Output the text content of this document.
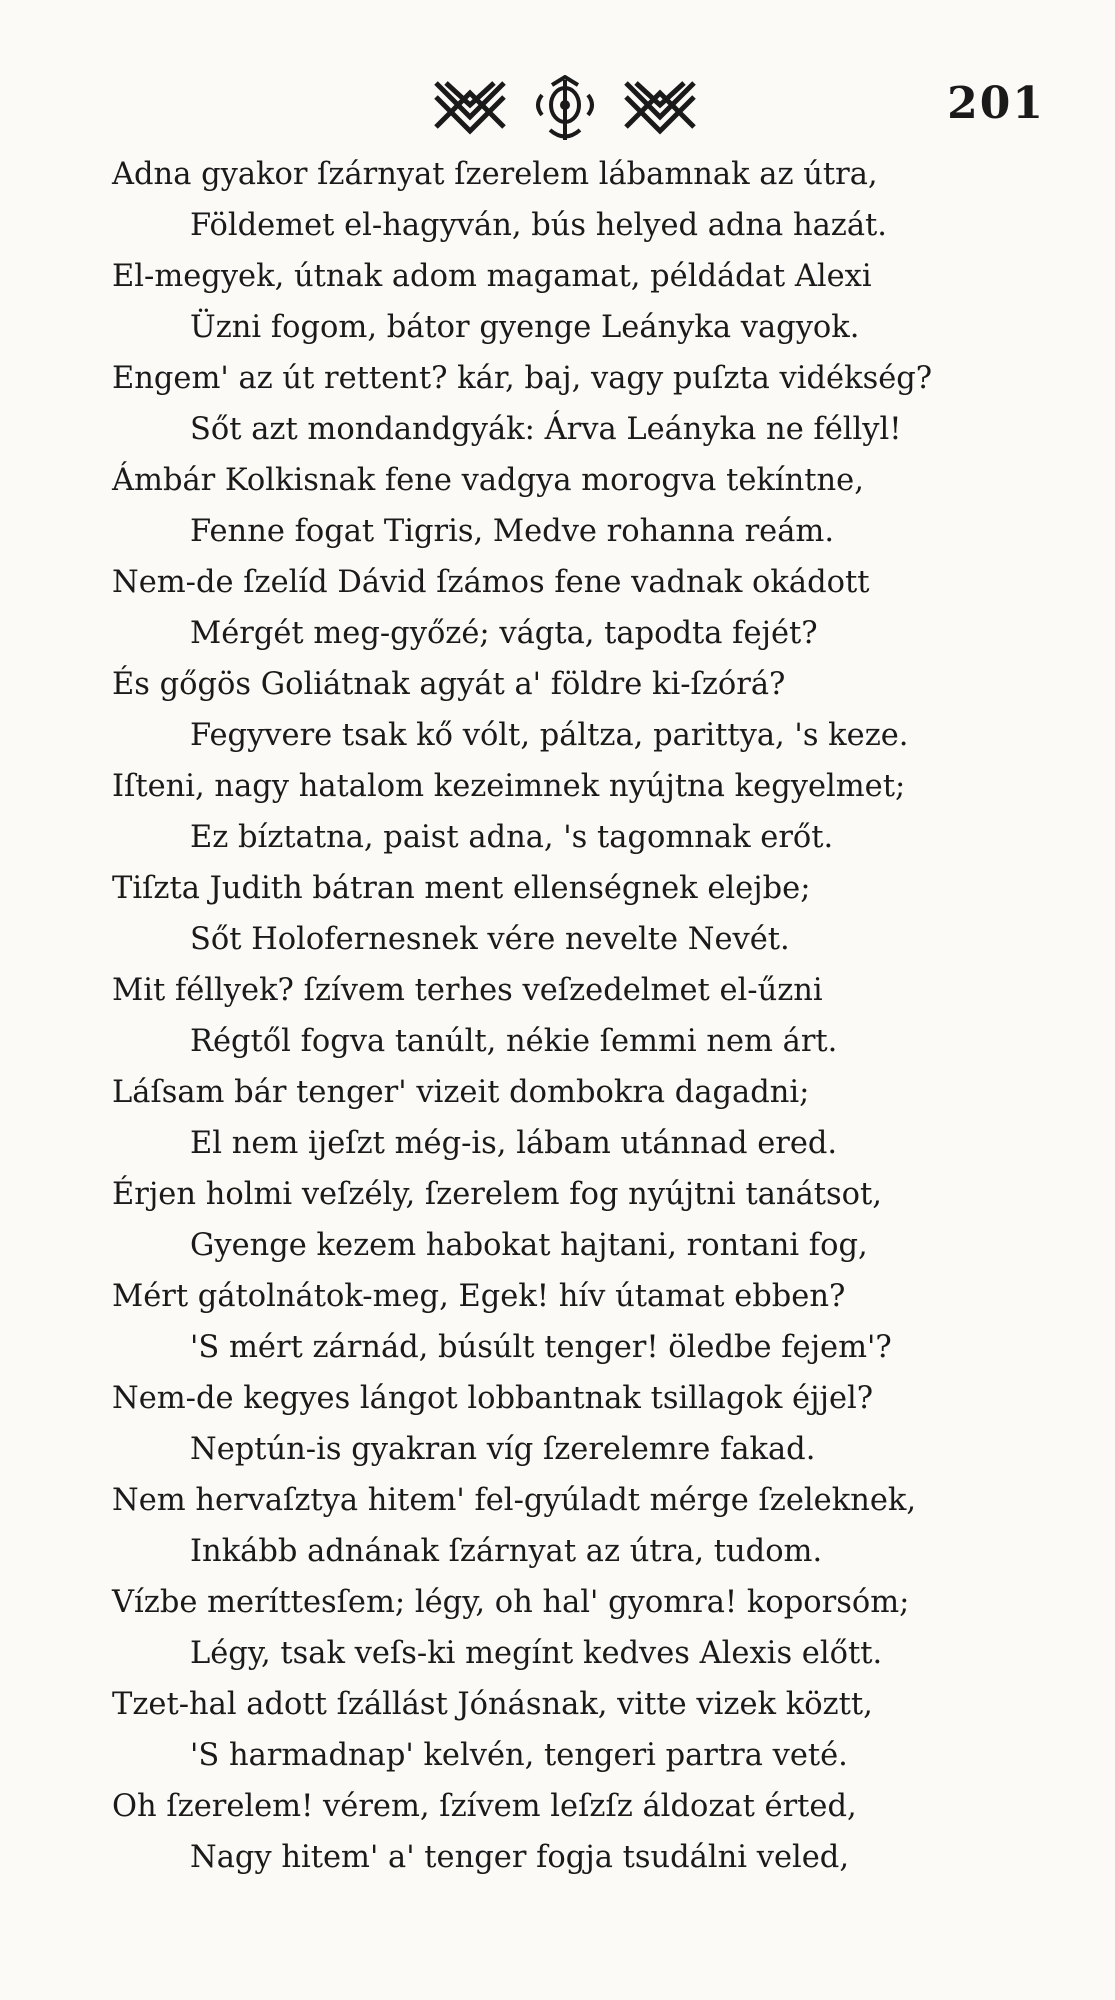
201
Adna gyakor ſzárnyat ſzerelem lábamnak az útra,
Földemet el-hagyván, bús helyed adna hazát.
El-megyek, útnak adom magamat, példádat Alexi
Üzni fogom, bátor gyenge Leányka vagyok.
Engem' az út rettent? kár, baj, vagy puſzta vidékség?
Sőt azt mondandgyák: Árva Leányka ne féllyl!
Ámbár Kolkisnak fene vadgya morogva tekíntne,
Fenne fogat Tigris, Medve rohanna reám.
Nem-de ſzelíd Dávid ſzámos fene vadnak okádott
Mérgét meg-győzé; vágta, tapodta fejét?
És gőgös Goliátnak agyát a' földre ki-ſzórá?
Fegyvere tsak kő vólt, páltza, parittya, 's keze.
Iſteni, nagy hatalom kezeimnek nyújtna kegyelmet;
Ez bíztatna, paist adna, 's tagomnak erőt.
Tiſzta Judith bátran ment ellenségnek elejbe;
Sőt Holofernesnek vére nevelte Nevét.
Mit féllyek? ſzívem terhes veſzedelmet el-űzni
Régtől fogva tanúlt, nékie ſemmi nem árt.
Láſsam bár tenger' vizeit dombokra dagadni;
El nem ijeſzt még-is, lábam utánnad ered.
Érjen holmi veſzély, ſzerelem fog nyújtni tanátsot,
Gyenge kezem habokat hajtani, rontani fog,
Mért gátolnátok-meg, Egek! hív útamat ebben?
'S mért zárnád, búsúlt tenger! öledbe fejem'?
Nem-de kegyes lángot lobbantnak tsillagok éjjel?
Neptún-is gyakran víg ſzerelemre fakad.
Nem hervaſztya hitem' fel-gyúladt mérge ſzeleknek,
Inkább adnának ſzárnyat az útra, tudom.
Vízbe meríttesſem; légy, oh hal' gyomra! koporsóm;
Légy, tsak veſs-ki megínt kedves Alexis előtt.
Tzet-hal adott ſzállást Jónásnak, vitte vizek köztt,
'S harmadnap' kelvén, tengeri partra veté.
Oh ſzerelem! vérem, ſzívem leſzſz áldozat érted,
Nagy hitem' a' tenger fogja tsudálni veled,
